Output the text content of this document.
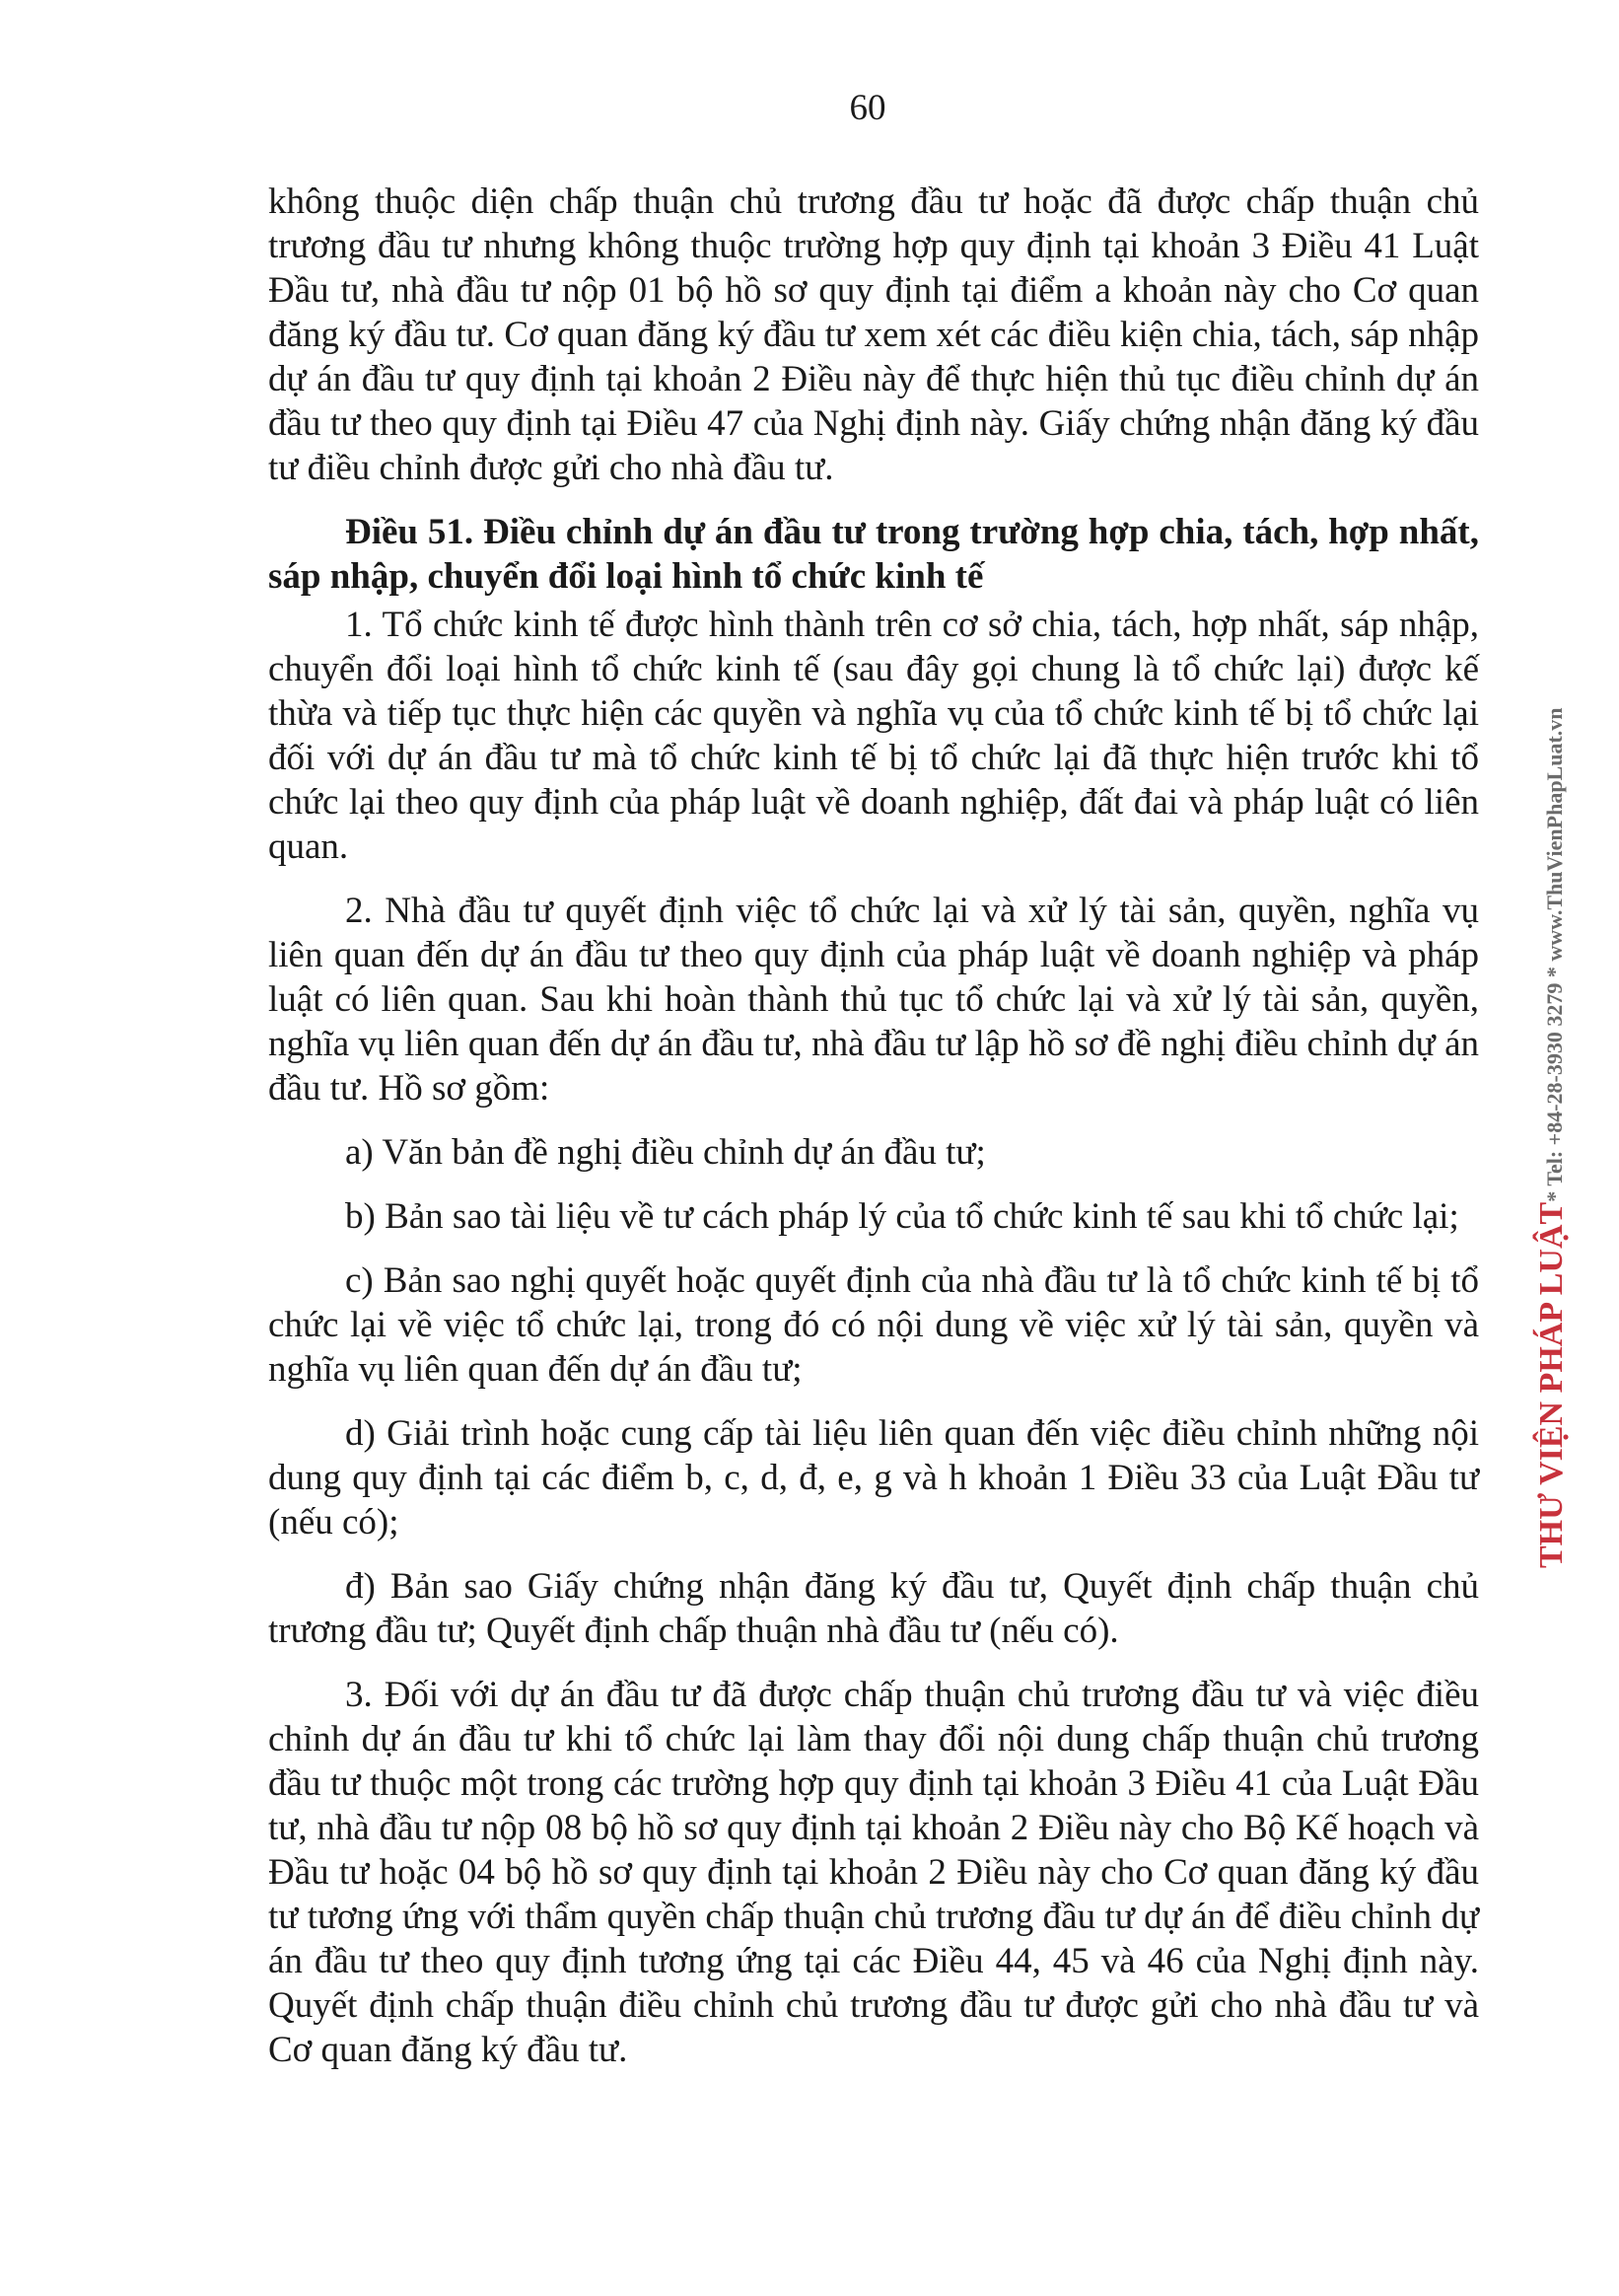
60

không thuộc diện chấp thuận chủ trương đầu tư hoặc đã được chấp thuận chủ trương đầu tư nhưng không thuộc trường hợp quy định tại khoản 3 Điều 41 Luật Đầu tư, nhà đầu tư nộp 01 bộ hồ sơ quy định tại điểm a khoản này cho Cơ quan đăng ký đầu tư. Cơ quan đăng ký đầu tư xem xét các điều kiện chia, tách, sáp nhập dự án đầu tư quy định tại khoản 2 Điều này để thực hiện thủ tục điều chỉnh dự án đầu tư theo quy định tại Điều 47 của Nghị định này. Giấy chứng nhận đăng ký đầu tư điều chỉnh được gửi cho nhà đầu tư.

Điều 51. Điều chỉnh dự án đầu tư trong trường hợp chia, tách, hợp nhất, sáp nhập, chuyển đổi loại hình tổ chức kinh tế

1. Tổ chức kinh tế được hình thành trên cơ sở chia, tách, hợp nhất, sáp nhập, chuyển đổi loại hình tổ chức kinh tế (sau đây gọi chung là tổ chức lại) được kế thừa và tiếp tục thực hiện các quyền và nghĩa vụ của tổ chức kinh tế bị tổ chức lại đối với dự án đầu tư mà tổ chức kinh tế bị tổ chức lại đã thực hiện trước khi tổ chức lại theo quy định của pháp luật về doanh nghiệp, đất đai và pháp luật có liên quan.

2. Nhà đầu tư quyết định việc tổ chức lại và xử lý tài sản, quyền, nghĩa vụ liên quan đến dự án đầu tư theo quy định của pháp luật về doanh nghiệp và pháp luật có liên quan. Sau khi hoàn thành thủ tục tổ chức lại và xử lý tài sản, quyền, nghĩa vụ liên quan đến dự án đầu tư, nhà đầu tư lập hồ sơ đề nghị điều chỉnh dự án đầu tư. Hồ sơ gồm:

a) Văn bản đề nghị điều chỉnh dự án đầu tư;

b) Bản sao tài liệu về tư cách pháp lý của tổ chức kinh tế sau khi tổ chức lại;

c) Bản sao nghị quyết hoặc quyết định của nhà đầu tư là tổ chức kinh tế bị tổ chức lại về việc tổ chức lại, trong đó có nội dung về việc xử lý tài sản, quyền và nghĩa vụ liên quan đến dự án đầu tư;

d) Giải trình hoặc cung cấp tài liệu liên quan đến việc điều chỉnh những nội dung quy định tại các điểm b, c, d, đ, e, g và h khoản 1 Điều 33 của Luật Đầu tư (nếu có);

đ) Bản sao Giấy chứng nhận đăng ký đầu tư, Quyết định chấp thuận chủ trương đầu tư; Quyết định chấp thuận nhà đầu tư (nếu có).

3. Đối với dự án đầu tư đã được chấp thuận chủ trương đầu tư và việc điều chỉnh dự án đầu tư khi tổ chức lại làm thay đổi nội dung chấp thuận chủ trương đầu tư thuộc một trong các trường hợp quy định tại khoản 3 Điều 41 của Luật Đầu tư, nhà đầu tư nộp 08 bộ hồ sơ quy định tại khoản 2 Điều này cho Bộ Kế hoạch và Đầu tư hoặc 04 bộ hồ sơ quy định tại khoản 2 Điều này cho Cơ quan đăng ký đầu tư tương ứng với thẩm quyền chấp thuận chủ trương đầu tư dự án để điều chỉnh dự án đầu tư theo quy định tương ứng tại các Điều 44, 45 và 46 của Nghị định này. Quyết định chấp thuận điều chỉnh chủ trương đầu tư được gửi cho nhà đầu tư và Cơ quan đăng ký đầu tư.

THƯ VIỆN PHÁP LUẬT* Tel: +84-28-3930 3279 * www.ThuVienPhapLuat.vn
